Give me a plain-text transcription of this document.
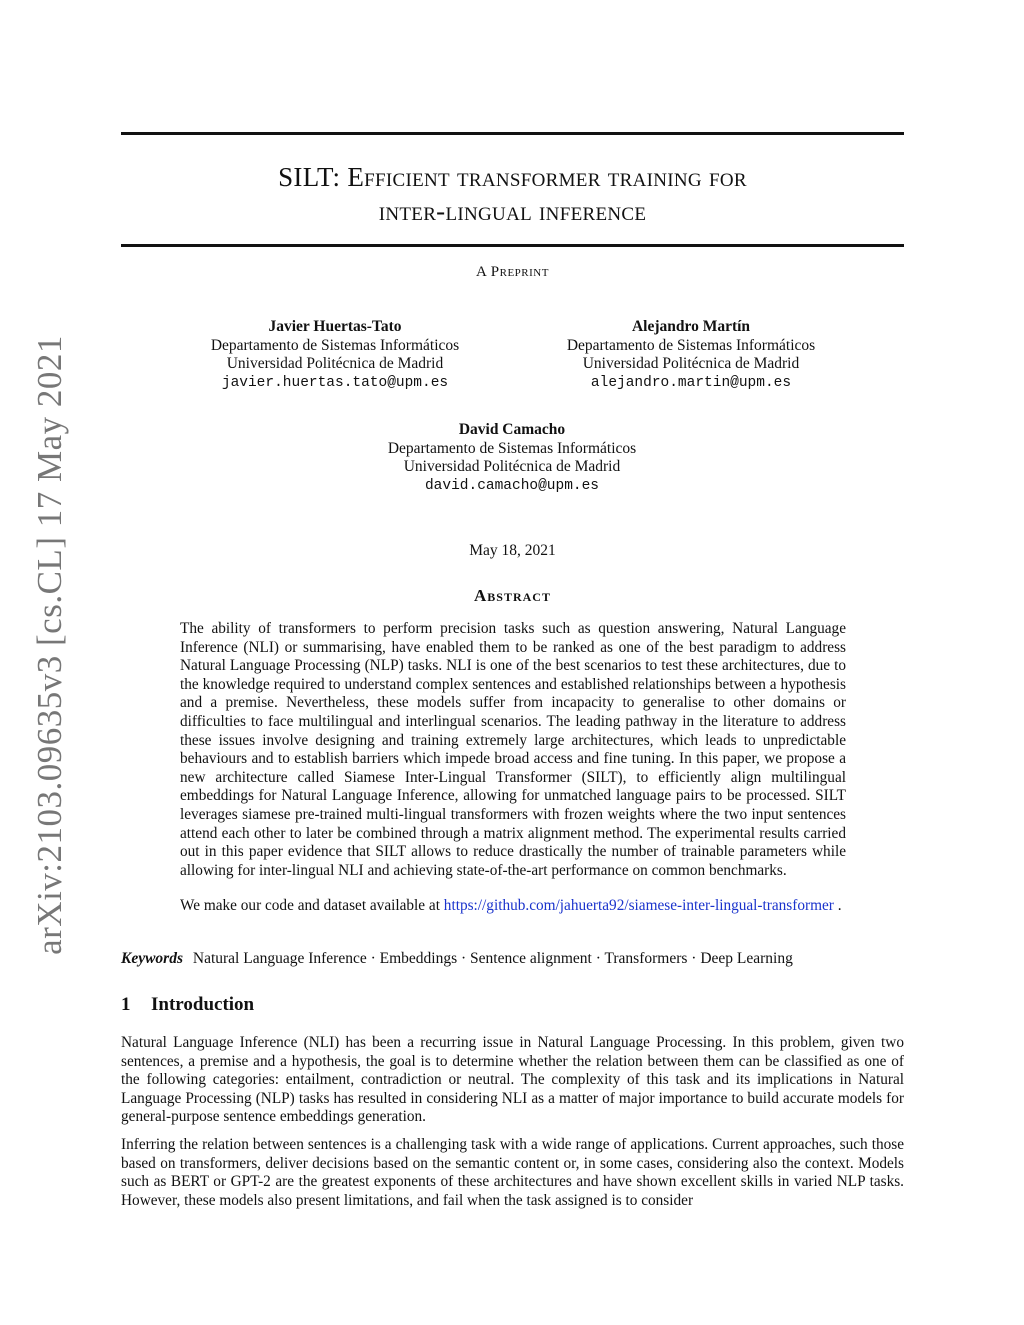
arXiv:2103.09635v3 [cs.CL] 17 May 2021
SILT: Efficient transformer training for
inter-lingual inference
A Preprint
Javier Huertas-Tato
Departamento de Sistemas Informáticos
Universidad Politécnica de Madrid
javier.huertas.tato@upm.es
Alejandro Martín
Departamento de Sistemas Informáticos
Universidad Politécnica de Madrid
alejandro.martin@upm.es
David Camacho
Departamento de Sistemas Informáticos
Universidad Politécnica de Madrid
david.camacho@upm.es
May 18, 2021
Abstract

The ability of transformers to perform precision tasks such as question answering, Natural Language Inference (NLI) or summarising, have enabled them to be ranked as one of the best paradigm to address Natural Language Processing (NLP) tasks. NLI is one of the best scenarios to test these architectures, due to the knowledge required to understand complex sentences and established relationships between a hypothesis and a premise. Nevertheless, these models suffer from incapacity to generalise to other domains or difficulties to face multilingual and interlingual scenarios. The leading pathway in the literature to address these issues involve designing and training extremely large architectures, which leads to unpredictable behaviours and to establish barriers which impede broad access and fine tuning. In this paper, we propose a new architecture called Siamese Inter-Lingual Transformer (SILT), to efficiently align multilingual embeddings for Natural Language Inference, allowing for unmatched language pairs to be processed. SILT leverages siamese pre-trained multi-lingual transformers with frozen weights where the two input sentences attend each other to later be combined through a matrix alignment method. The experimental results carried out in this paper evidence that SILT allows to reduce drastically the number of trainable parameters while allowing for inter-lingual NLI and achieving state-of-the-art performance on common benchmarks.

We make our code and dataset available at https://github.com/jahuerta92/siamese-inter-lingual-transformer .

Keywords Natural Language Inference · Embeddings · Sentence alignment · Transformers · Deep Learning
1 Introduction

Natural Language Inference (NLI) has been a recurring issue in Natural Language Processing. In this problem, given two sentences, a premise and a hypothesis, the goal is to determine whether the relation between them can be classified as one of the following categories: entailment, contradiction or neutral. The complexity of this task and its implications in Natural Language Processing (NLP) tasks has resulted in considering NLI as a matter of major importance to build accurate models for general-purpose sentence embeddings generation.

Inferring the relation between sentences is a challenging task with a wide range of applications. Current approaches, such those based on transformers, deliver decisions based on the semantic content or, in some cases, considering also the context. Models such as BERT or GPT-2 are the greatest exponents of these architectures and have shown excellent skills in varied NLP tasks. However, these models also present limitations, and fail when the task assigned is to consider
